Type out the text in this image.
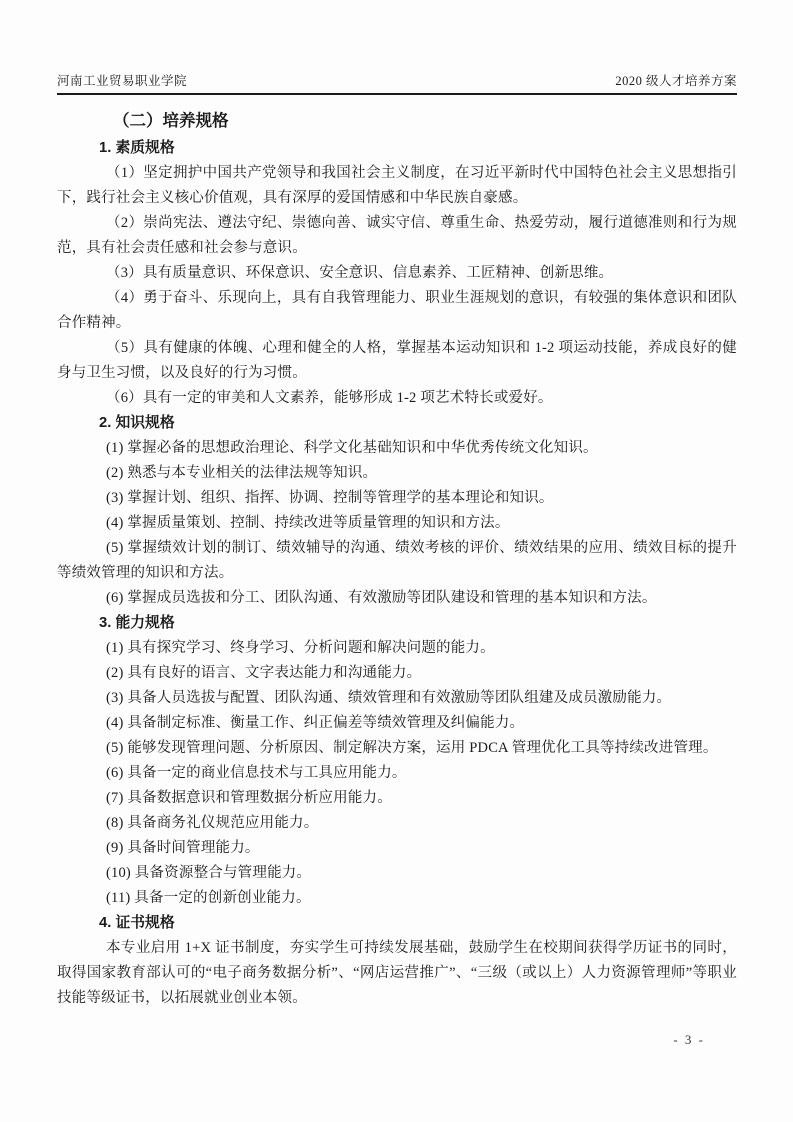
河南工业贸易职业学院	2020 级人才培养方案
（二）培养规格
1. 素质规格

（1）坚定拥护中国共产党领导和我国社会主义制度，在习近平新时代中国特色社会主义思想指引下，践行社会主义核心价值观，具有深厚的爱国情感和中华民族自豪感。

（2）崇尚宪法、遵法守纪、崇德向善、诚实守信、尊重生命、热爱劳动，履行道德准则和行为规范，具有社会责任感和社会参与意识。

（3）具有质量意识、环保意识、安全意识、信息素养、工匠精神、创新思维。

（4）勇于奋斗、乐现向上，具有自我管理能力、职业生涯规划的意识，有较强的集体意识和团队合作精神。

（5）具有健康的体魄、心理和健全的人格，掌握基本运动知识和 1-2 项运动技能，养成良好的健身与卫生习惯，以及良好的行为习惯。

（6）具有一定的审美和人文素养，能够形成 1-2 项艺术特长或爱好。

2. 知识规格

(1) 掌握必备的思想政治理论、科学文化基础知识和中华优秀传统文化知识。

(2) 熟悉与本专业相关的法律法规等知识。

(3) 掌握计划、组织、指挥、协调、控制等管理学的基本理论和知识。

(4) 掌握质量策划、控制、持续改进等质量管理的知识和方法。

(5) 掌握绩效计划的制订、绩效辅导的沟通、绩效考核的评价、绩效结果的应用、绩效目标的提升等绩效管理的知识和方法。

(6) 掌握成员选拔和分工、团队沟通、有效激励等团队建设和管理的基本知识和方法。

3. 能力规格

(1) 具有探究学习、终身学习、分析问题和解决问题的能力。

(2) 具有良好的语言、文字表达能力和沟通能力。

(3) 具备人员选拔与配置、团队沟通、绩效管理和有效激励等团队组建及成员激励能力。

(4) 具备制定标准、衡量工作、纠正偏差等绩效管理及纠偏能力。

(5) 能够发现管理问题、分析原因、制定解决方案，运用 PDCA 管理优化工具等持续改进管理。

(6) 具备一定的商业信息技术与工具应用能力。

(7) 具备数据意识和管理数据分析应用能力。

(8) 具备商务礼仪规范应用能力。

(9) 具备时间管理能力。

(10) 具备资源整合与管理能力。

(11) 具备一定的创新创业能力。

4. 证书规格

本专业启用 1+X 证书制度，夯实学生可持续发展基础，鼓励学生在校期间获得学历证书的同时，取得国家教育部认可的“电子商务数据分析”、“网店运营推广”、“三级（或以上）人力资源管理师”等职业技能等级证书，以拓展就业创业本领。

- 3 -
